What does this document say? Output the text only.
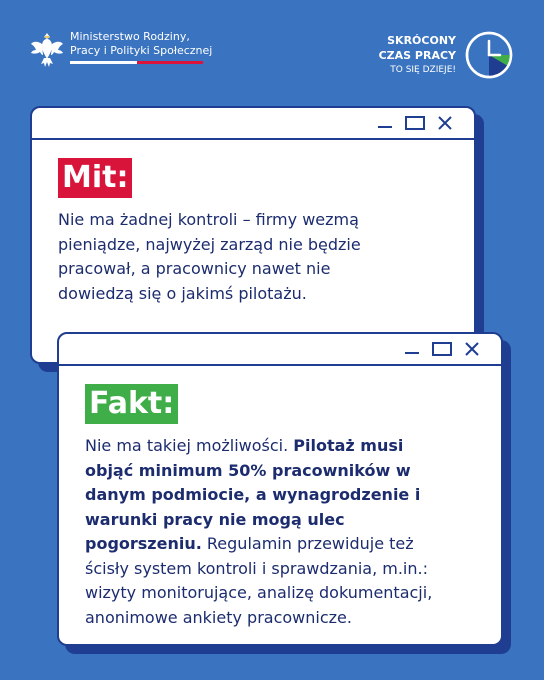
Ministerstwo Rodziny,
Pracy i Polityki Społecznej
SKRÓCONY
CZAS PRACY
TO SIĘ DZIEJE!
Mit:
Nie ma żadnej kontroli – firmy wezmą pieniądze, najwyżej zarząd nie będzie pracował, a pracownicy nawet nie dowiedzą się o jakimś pilotażu.
Fakt:
Nie ma takiej możliwości. Pilotaż musi objąć minimum 50% pracowników w danym podmiocie, a wynagrodzenie i warunki pracy nie mogą ulec pogorszeniu. Regulamin przewiduje też ścisły system kontroli i sprawdzania, m.in.: wizyty monitorujące, analizę dokumentacji, anonimowe ankiety pracownicze.
